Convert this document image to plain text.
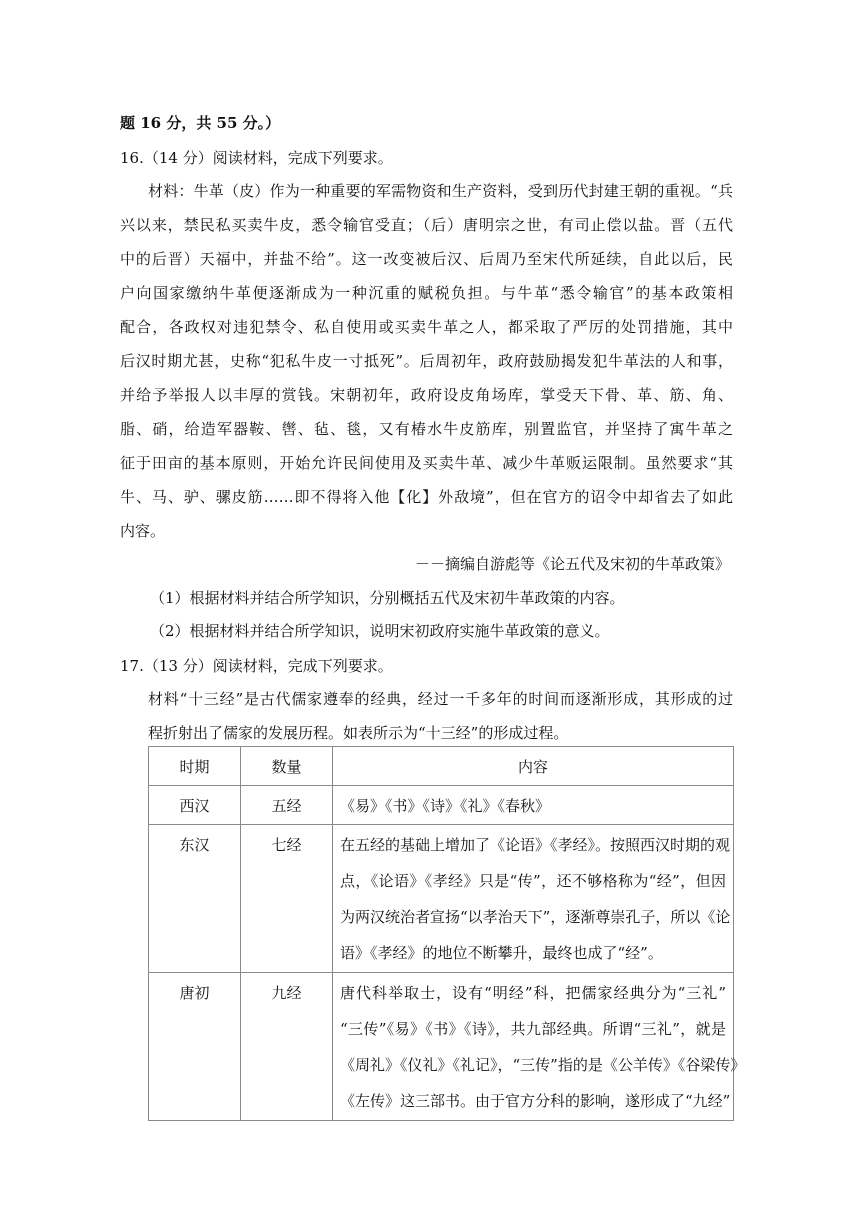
题 16 分，共 55 分。）
16.（14 分）阅读材料，完成下列要求。
材料：牛革（皮）作为一种重要的军需物资和生产资料，受到历代封建王朝的重视。“兵
兴以来，禁民私买卖牛皮，悉令输官受直；（后）唐明宗之世，有司止偿以盐。晋（五代
中的后晋）天福中，并盐不给”。这一改变被后汉、后周乃至宋代所延续，自此以后，民
户向国家缴纳牛革便逐渐成为一种沉重的赋税负担。与牛革“悉令输官”的基本政策相
配合，各政权对违犯禁令、私自使用或买卖牛革之人，都采取了严厉的处罚措施，其中
后汉时期尤甚，史称“犯私牛皮一寸抵死”。后周初年，政府鼓励揭发犯牛革法的人和事，
并给予举报人以丰厚的赏钱。宋朝初年，政府设皮角场库，掌受天下骨、革、筋、角、
脂、硝，给造军器鞍、辔、毡、毯，又有椿水牛皮筋库，别置监官，并坚持了寓牛革之
征于田亩的基本原则，开始允许民间使用及买卖牛革、减少牛革贩运限制。虽然要求“其
牛、马、驴、骡皮筋……即不得将入他【化】外敌境”，但在官方的诏令中却省去了如此
内容。
－－摘编自游彪等《论五代及宋初的牛革政策》
（1）根据材料并结合所学知识，分别概括五代及宋初牛革政策的内容。
（2）根据材料并结合所学知识，说明宋初政府实施牛革政策的意义。
17.（13 分）阅读材料，完成下列要求。
材料“十三经”是古代儒家遵奉的经典，经过一千多年的时间而逐渐形成，其形成的过
程折射出了儒家的发展历程。如表所示为“十三经”的形成过程。
时期	数量	内容

西汉	五经	《易》《书》《诗》《礼》《春秋》

东汉	七经	在五经的基础上增加了《论语》《孝经》。按照西汉时期的观
点，《论语》《孝经》只是“传”，还不够格称为“经”，但因
为两汉统治者宣扬“以孝治天下”，逐渐尊崇孔子，所以《论
语》《孝经》的地位不断攀升，最终也成了“经”。

唐初	九经	唐代科举取士，设有“明经”科，把儒家经典分为“三礼”
“三传”《易》《书》《诗》，共九部经典。所谓“三礼”，就是
《周礼》《仪礼》《礼记》，“三传”指的是《公羊传》《谷梁传》
《左传》这三部书。由于官方分科的影响，遂形成了“九经”
